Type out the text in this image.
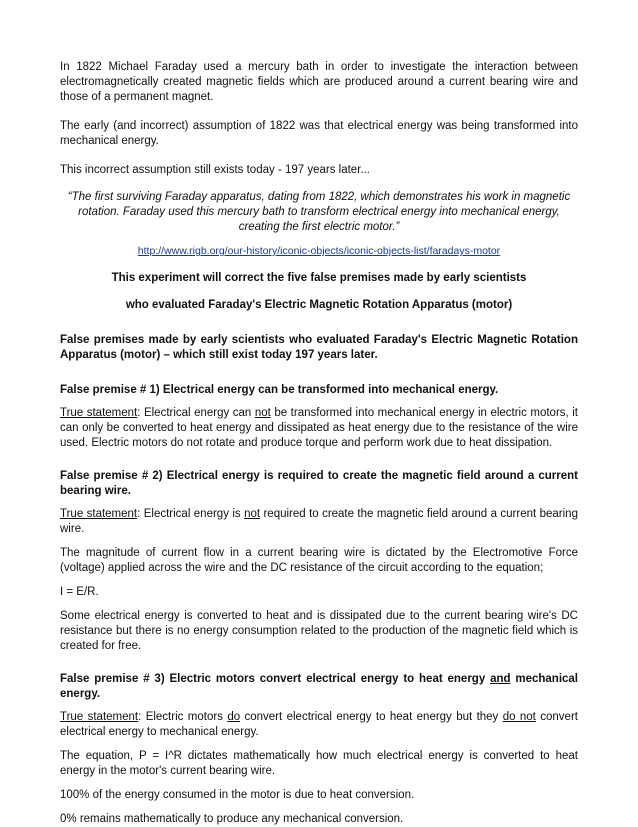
In 1822 Michael Faraday used a mercury bath in order to investigate the interaction between electromagnetically created magnetic fields which are produced around a current bearing wire and those of a permanent magnet.

The early (and incorrect) assumption of 1822 was that electrical energy was being transformed into mechanical energy.

This incorrect assumption still exists today - 197 years later...

“The first surviving Faraday apparatus, dating from 1822, which demonstrates his work in magnetic rotation. Faraday used this mercury bath to transform electrical energy into mechanical energy, creating the first electric motor.”

http://www.rigb.org/our-history/iconic-objects/iconic-objects-list/faradays-motor

This experiment will correct the five false premises made by early scientists

who evaluated Faraday's Electric Magnetic Rotation Apparatus (motor)

False premises made by early scientists who evaluated Faraday's Electric Magnetic Rotation Apparatus (motor) – which still exist today 197 years later.

False premise # 1) Electrical energy can be transformed into mechanical energy.

True statement: Electrical energy can not be transformed into mechanical energy in electric motors, it can only be converted to heat energy and dissipated as heat energy due to the resistance of the wire used. Electric motors do not rotate and produce torque and perform work due to heat dissipation.

False premise # 2) Electrical energy is required to create the magnetic field around a current bearing wire.

True statement: Electrical energy is not required to create the magnetic field around a current bearing wire.

The magnitude of current flow in a current bearing wire is dictated by the Electromotive Force (voltage) applied across the wire and the DC resistance of the circuit according to the equation;

I = E/R.

Some electrical energy is converted to heat and is dissipated due to the current bearing wire's DC resistance but there is no energy consumption related to the production of the magnetic field which is created for free.

False premise # 3) Electric motors convert electrical energy to heat energy and mechanical energy.

True statement: Electric motors do convert electrical energy to heat energy but they do not convert electrical energy to mechanical energy.

The equation, P = I^R dictates mathematically how much electrical energy is converted to heat energy in the motor's current bearing wire.

100% of the energy consumed in the motor is due to heat conversion.

0% remains mathematically to produce any mechanical conversion.
